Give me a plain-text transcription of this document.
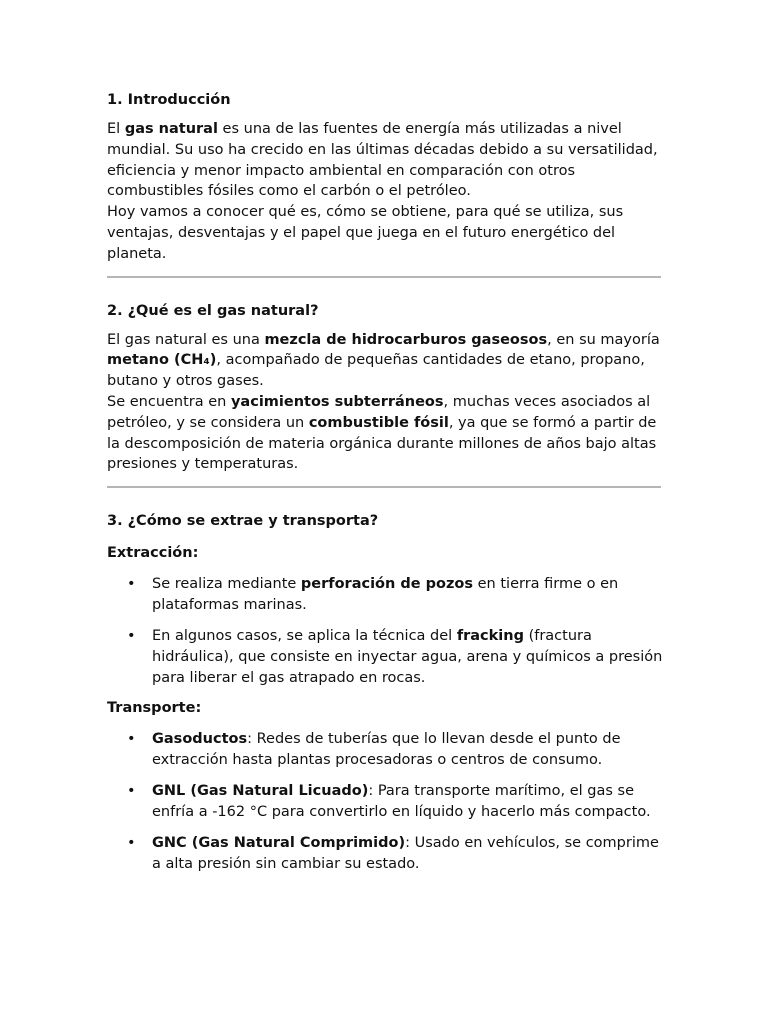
1. Introducción

El gas natural es una de las fuentes de energía más utilizadas a nivel mundial. Su uso ha crecido en las últimas décadas debido a su versatilidad, eficiencia y menor impacto ambiental en comparación con otros combustibles fósiles como el carbón o el petróleo.
Hoy vamos a conocer qué es, cómo se obtiene, para qué se utiliza, sus ventajas, desventajas y el papel que juega en el futuro energético del planeta.

2. ¿Qué es el gas natural?

El gas natural es una mezcla de hidrocarburos gaseosos, en su mayoría metano (CH₄), acompañado de pequeñas cantidades de etano, propano, butano y otros gases.
Se encuentra en yacimientos subterráneos, muchas veces asociados al petróleo, y se considera un combustible fósil, ya que se formó a partir de la descomposición de materia orgánica durante millones de años bajo altas presiones y temperaturas.

3. ¿Cómo se extrae y transporta?
Extracción:
• Se realiza mediante perforación de pozos en tierra firme o en plataformas marinas.
• En algunos casos, se aplica la técnica del fracking (fractura hidráulica), que consiste en inyectar agua, arena y químicos a presión para liberar el gas atrapado en rocas.
Transporte:
• Gasoductos: Redes de tuberías que lo llevan desde el punto de extracción hasta plantas procesadoras o centros de consumo.
• GNL (Gas Natural Licuado): Para transporte marítimo, el gas se enfría a -162 °C para convertirlo en líquido y hacerlo más compacto.
• GNC (Gas Natural Comprimido): Usado en vehículos, se comprime a alta presión sin cambiar su estado.
